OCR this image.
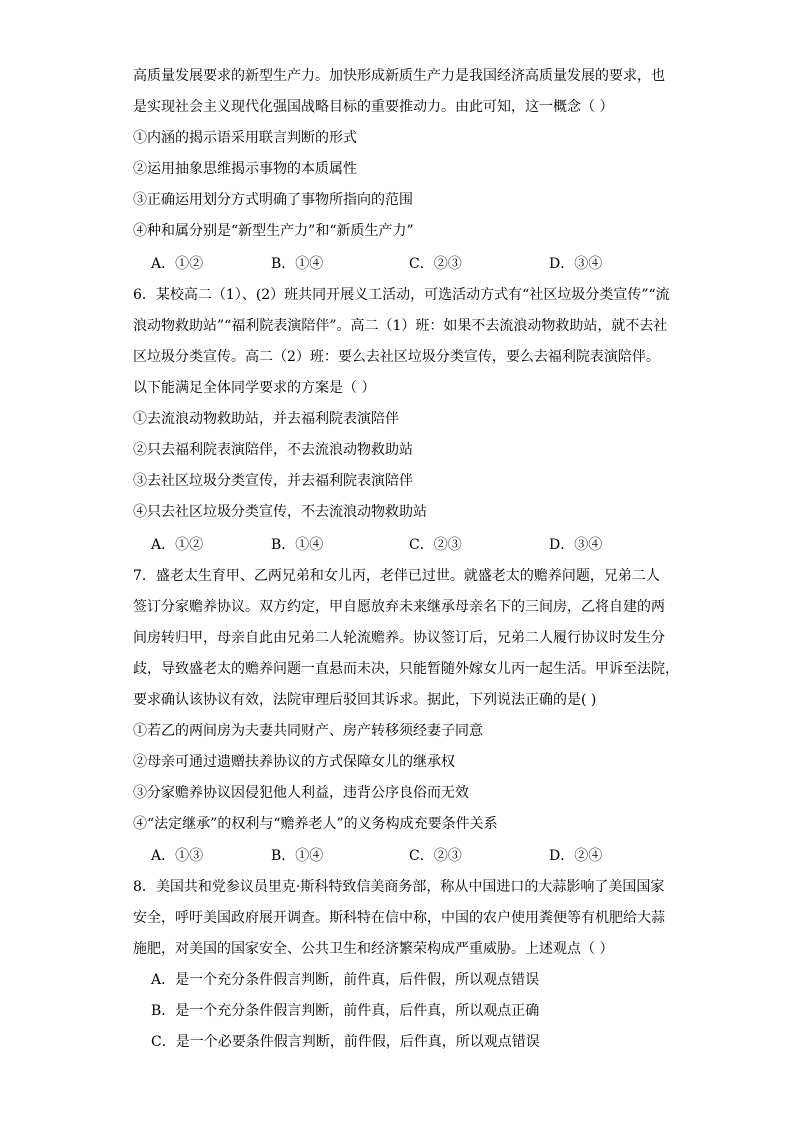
高质量发展要求的新型生产力。加快形成新质生产力是我国经济高质量发展的要求，也
是实现社会主义现代化强国战略目标的重要推动力。由此可知，这一概念（ ）
①内涵的揭示语采用联言判断的形式
②运用抽象思维揭示事物的本质属性
③正确运用划分方式明确了事物所指向的范围
④种和属分别是“新型生产力”和“新质生产力”
A．①②	B．①④	C．②③	D．③④
6．某校高二（1）、(2）班共同开展义工活动，可选活动方式有“社区垃圾分类宣传”“流
浪动物救助站”“福利院表演陪伴”。高二（1）班：如果不去流浪动物救助站，就不去社
区垃圾分类宣传。高二（2）班：要么去社区垃圾分类宣传，要么去福利院表演陪伴。
以下能满足全体同学要求的方案是（ ）
①去流浪动物救助站，并去福利院表演陪伴
②只去福利院表演陪伴，不去流浪动物救助站
③去社区垃圾分类宣传，并去福利院表演陪伴
④只去社区垃圾分类宣传，不去流浪动物救助站
A．①②	B．①④	C．②③	D．③④
7．盛老太生育甲、乙两兄弟和女儿丙，老伴已过世。就盛老太的赡养问题，兄弟二人
签订分家赡养协议。双方约定，甲自愿放弃未来继承母亲名下的三间房，乙将自建的两
间房转归甲，母亲自此由兄弟二人轮流赡养。协议签订后，兄弟二人履行协议时发生分
歧，导致盛老太的赡养问题一直悬而未决，只能暂随外嫁女儿丙一起生活。甲诉至法院，
要求确认该协议有效，法院审理后驳回其诉求。据此，下列说法正确的是( )
①若乙的两间房为夫妻共同财产、房产转移须经妻子同意
②母亲可通过遗赠扶养协议的方式保障女儿的继承权
③分家赡养协议因侵犯他人利益，违背公序良俗而无效
④“法定继承”的权利与“赡养老人”的义务构成充要条件关系
A．①③	B．①④	C．②③	D．②④
8．美国共和党参议员里克·斯科特致信美商务部，称从中国进口的大蒜影响了美国国家
安全，呼吁美国政府展开调查。斯科特在信中称，中国的农户使用粪便等有机肥给大蒜
施肥，对美国的国家安全、公共卫生和经济繁荣构成严重威胁。上述观点（ ）
A．是一个充分条件假言判断，前件真，后件假，所以观点错误
B．是一个充分条件假言判断，前件真，后件真，所以观点正确
C．是一个必要条件假言判断，前件假，后件真，所以观点错误
